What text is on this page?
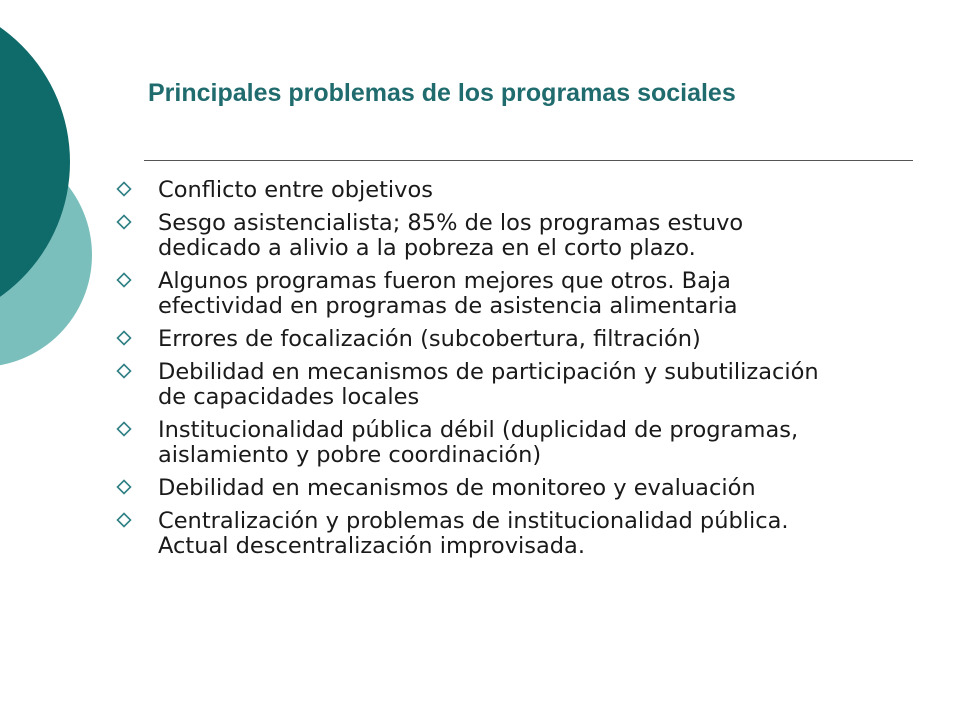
Principales problemas de los programas sociales
Conflicto entre objetivos
Sesgo asistencialista; 85% de los programas estuvo dedicado a alivio a la pobreza en el corto plazo.
Algunos programas fueron mejores que otros. Baja efectividad en programas de asistencia alimentaria
Errores de focalización (subcobertura, filtración)
Debilidad en mecanismos de participación y subutilización de capacidades locales
Institucionalidad pública débil (duplicidad de programas, aislamiento y pobre coordinación)
Debilidad en mecanismos de monitoreo y evaluación
Centralización y problemas de institucionalidad pública. Actual descentralización improvisada.
